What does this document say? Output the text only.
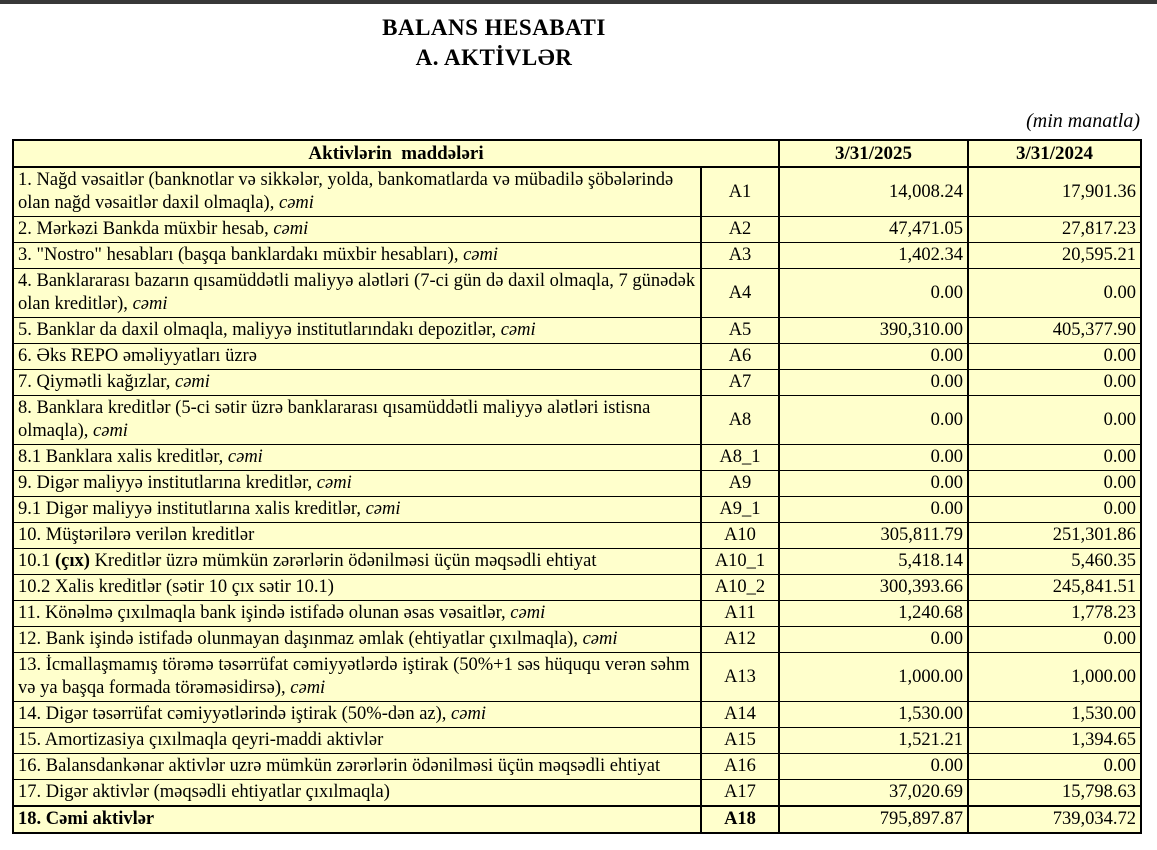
BALANS HESABATI
A. AKTİVLƏR
(min manatla)
Aktivlərin  maddələri		3/31/2025	3/31/2024
1. Nağd vəsaitlər (banknotlar və sikkələr, yolda, bankomatlarda və mübadilə şöbələrində olan nağd vəsaitlər daxil olmaqla), cəmi	A1	14,008.24	17,901.36
2. Mərkəzi Bankda müxbir hesab, cəmi	A2	47,471.05	27,817.23
3. "Nostro" hesabları (başqa banklardakı müxbir hesabları), cəmi	A3	1,402.34	20,595.21
4. Banklararası bazarın qısamüddətli maliyyə alətləri (7-ci gün də daxil olmaqla, 7 günədək olan kreditlər), cəmi	A4	0.00	0.00
5. Banklar da daxil olmaqla, maliyyə institutlarındakı depozitlər, cəmi	A5	390,310.00	405,377.90
6. Əks REPO əməliyyatları üzrə	A6	0.00	0.00
7. Qiymətli kağızlar, cəmi	A7	0.00	0.00
8. Banklara kreditlər (5-ci sətir üzrə banklararası qısamüddətli maliyyə alətləri istisna olmaqla), cəmi	A8	0.00	0.00
8.1 Banklara xalis kreditlər, cəmi	A8_1	0.00	0.00
9. Digər maliyyə institutlarına kreditlər, cəmi	A9	0.00	0.00
9.1 Digər maliyyə institutlarına xalis kreditlər, cəmi	A9_1	0.00	0.00
10. Müştərilərə verilən kreditlər	A10	305,811.79	251,301.86
10.1 (çıx) Kreditlər üzrə mümkün zərərlərin ödənilməsi üçün məqsədli ehtiyat	A10_1	5,418.14	5,460.35
10.2 Xalis kreditlər (sətir 10 çıx sətir 10.1)	A10_2	300,393.66	245,841.51
11. Könəlmə çıxılmaqla bank işində istifadə olunan əsas vəsaitlər, cəmi	A11	1,240.68	1,778.23
12. Bank işində istifadə olunmayan daşınmaz əmlak (ehtiyatlar çıxılmaqla), cəmi	A12	0.00	0.00
13. İcmallaşmamış törəmə təsərrüfat cəmiyyətlərdə iştirak (50%+1 səs hüququ verən səhm və ya başqa formada törəməsidirsə), cəmi	A13	1,000.00	1,000.00
14. Digər təsərrüfat cəmiyyətlərində iştirak (50%-dən az), cəmi	A14	1,530.00	1,530.00
15. Amortizasiya çıxılmaqla qeyri-maddi aktivlər	A15	1,521.21	1,394.65
16. Balansdankənar aktivlər uzrə mümkün zərərlərin ödənilməsi üçün məqsədli ehtiyat	A16	0.00	0.00
17. Digər aktivlər (məqsədli ehtiyatlar çıxılmaqla)	A17	37,020.69	15,798.63
18. Cəmi aktivlər	A18	795,897.87	739,034.72
